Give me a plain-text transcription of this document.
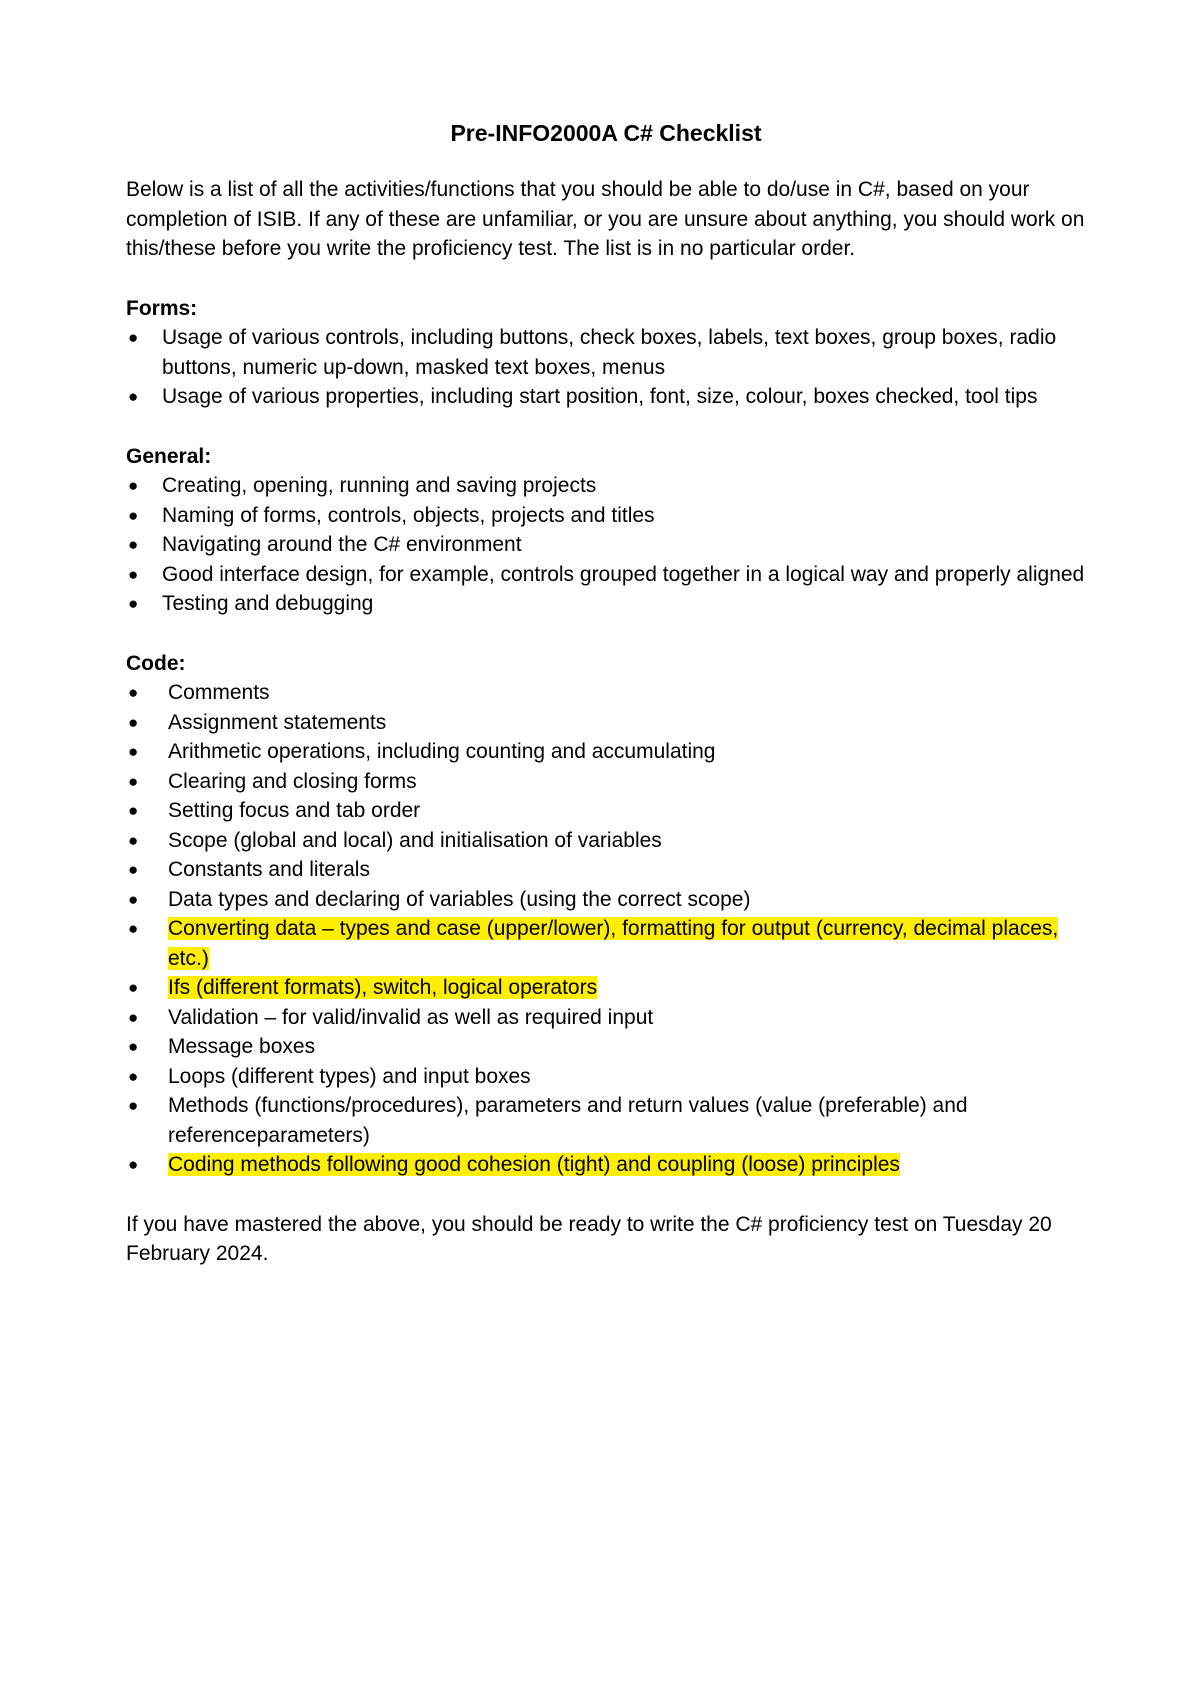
Pre-INFO2000A C# Checklist

Below is a list of all the activities/functions that you should be able to do/use in C#, based on your completion of ISIB. If any of these are unfamiliar, or you are unsure about anything, you should work on this/these before you write the proficiency test. The list is in no particular order.

Forms:

● Usage of various controls, including buttons, check boxes, labels, text boxes, group boxes, radio buttons, numeric up-down, masked text boxes, menus
● Usage of various properties, including start position, font, size, colour, boxes checked, tool tips

General:

● Creating, opening, running and saving projects
● Naming of forms, controls, objects, projects and titles
● Navigating around the C# environment
● Good interface design, for example, controls grouped together in a logical way and properly aligned
● Testing and debugging

Code:

● Comments
● Assignment statements
● Arithmetic operations, including counting and accumulating
● Clearing and closing forms
● Setting focus and tab order
● Scope (global and local) and initialisation of variables
● Constants and literals
● Data types and declaring of variables (using the correct scope)
● Converting data – types and case (upper/lower), formatting for output (currency, decimal places, etc.)
● Ifs (different formats), switch, logical operators
● Validation – for valid/invalid as well as required input
● Message boxes
● Loops (different types) and input boxes
● Methods (functions/procedures), parameters and return values (value (preferable) and referenceparameters)
● Coding methods following good cohesion (tight) and coupling (loose) principles

If you have mastered the above, you should be ready to write the C# proficiency test on Tuesday 20 February 2024.
